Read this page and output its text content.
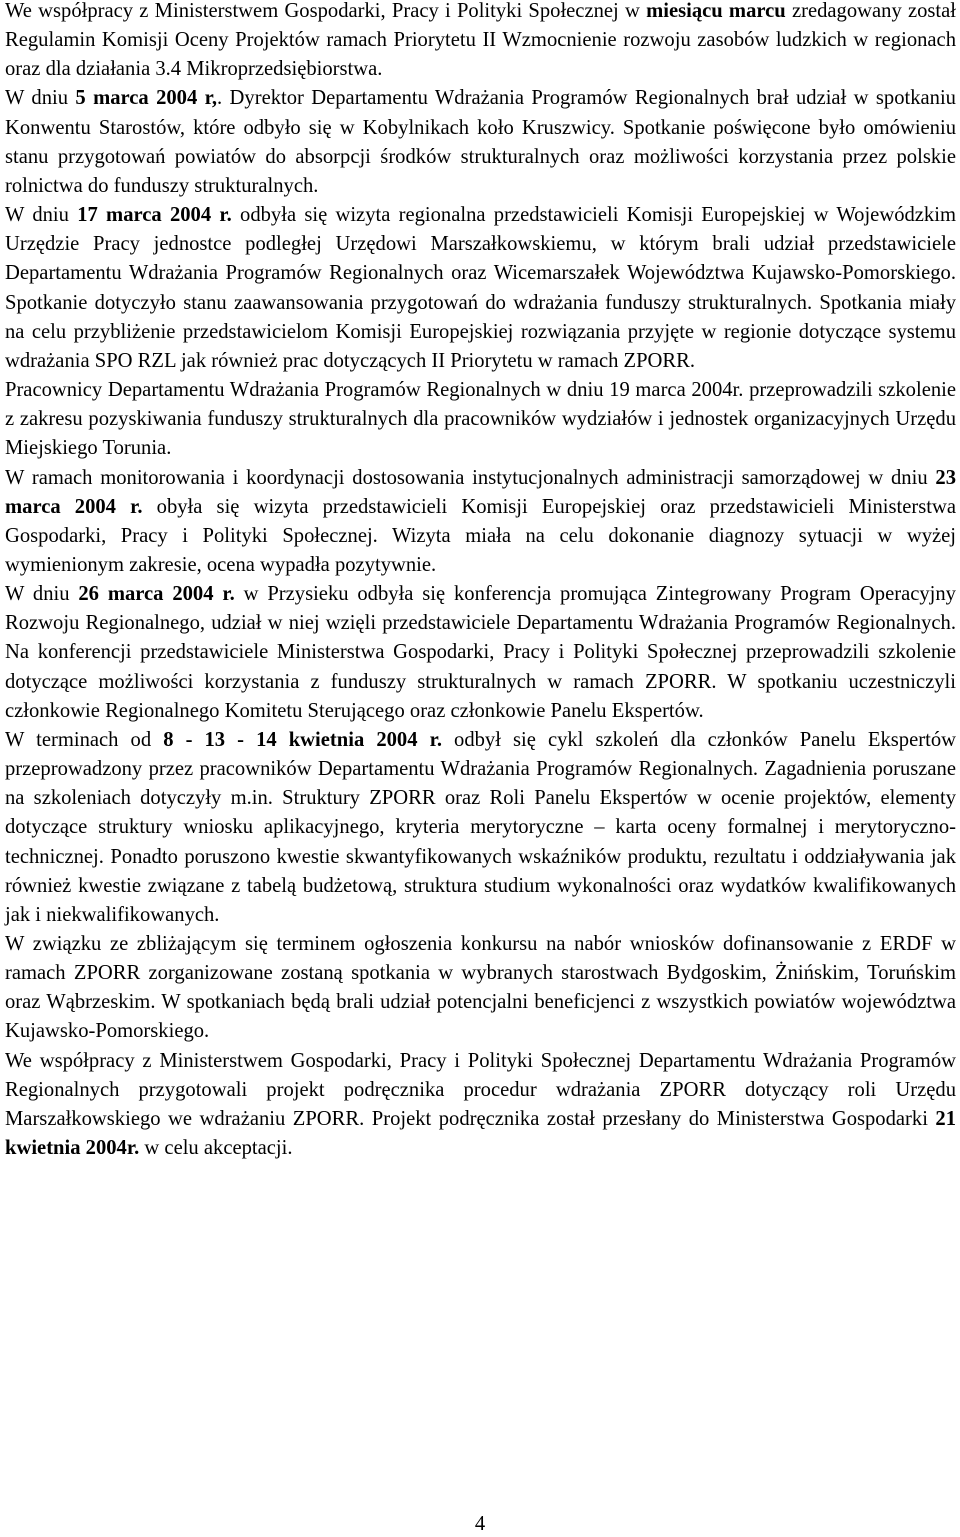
We współpracy z Ministerstwem Gospodarki, Pracy i Polityki Społecznej w miesiącu marcu zredagowany został Regulamin Komisji Oceny Projektów ramach Priorytetu II Wzmocnienie rozwoju zasobów ludzkich w regionach oraz dla działania 3.4 Mikroprzedsiębiorstwa.

W dniu 5 marca 2004 r,. Dyrektor Departamentu Wdrażania Programów Regionalnych brał udział w spotkaniu Konwentu Starostów, które odbyło się w Kobylnikach koło Kruszwicy. Spotkanie poświęcone było omówieniu stanu przygotowań powiatów do absorpcji środków strukturalnych oraz możliwości korzystania przez polskie rolnictwa do funduszy strukturalnych.

W dniu 17 marca 2004 r. odbyła się wizyta regionalna przedstawicieli Komisji Europejskiej w Wojewódzkim Urzędzie Pracy jednostce podległej Urzędowi Marszałkowskiemu, w którym brali udział przedstawiciele Departamentu Wdrażania Programów Regionalnych oraz Wicemarszałek Województwa Kujawsko-Pomorskiego. Spotkanie dotyczyło stanu zaawansowania przygotowań do wdrażania funduszy strukturalnych. Spotkania miały na celu przybliżenie przedstawicielom Komisji Europejskiej rozwiązania przyjęte w regionie dotyczące systemu wdrażania SPO RZL jak również prac dotyczących II Priorytetu w ramach ZPORR.

Pracownicy Departamentu Wdrażania Programów Regionalnych w dniu 19 marca 2004r. przeprowadzili szkolenie z zakresu pozyskiwania funduszy strukturalnych dla pracowników wydziałów i jednostek organizacyjnych Urzędu Miejskiego Torunia.

W ramach monitorowania i koordynacji dostosowania instytucjonalnych administracji samorządowej w dniu 23 marca 2004 r. obyła się wizyta przedstawicieli Komisji Europejskiej oraz przedstawicieli Ministerstwa Gospodarki, Pracy i Polityki Społecznej. Wizyta miała na celu dokonanie diagnozy sytuacji w wyżej wymienionym zakresie, ocena wypadła pozytywnie.

W dniu 26 marca 2004 r. w Przysieku odbyła się konferencja promująca Zintegrowany Program Operacyjny Rozwoju Regionalnego, udział w niej wzięli przedstawiciele Departamentu Wdrażania Programów Regionalnych. Na konferencji przedstawiciele Ministerstwa Gospodarki, Pracy i Polityki Społecznej przeprowadzili szkolenie dotyczące możliwości korzystania z funduszy strukturalnych w ramach ZPORR. W spotkaniu uczestniczyli członkowie Regionalnego Komitetu Sterującego oraz członkowie Panelu Ekspertów.

W terminach od 8 - 13 - 14 kwietnia 2004 r. odbył się cykl szkoleń dla członków Panelu Ekspertów przeprowadzony przez pracowników Departamentu Wdrażania Programów Regionalnych. Zagadnienia poruszane na szkoleniach dotyczyły m.in. Struktury ZPORR oraz Roli Panelu Ekspertów w ocenie projektów, elementy dotyczące struktury wniosku aplikacyjnego, kryteria merytoryczne – karta oceny formalnej i merytoryczno-technicznej. Ponadto poruszono kwestie skwantyfikowanych wskaźników produktu, rezultatu i oddziaływania jak również kwestie związane z tabelą budżetową, struktura studium wykonalności oraz wydatków kwalifikowanych jak i niekwalifikowanych.

W związku ze zbliżającym się terminem ogłoszenia konkursu na nabór wniosków dofinansowanie z ERDF w ramach ZPORR zorganizowane zostaną spotkania w wybranych starostwach Bydgoskim, Żnińskim, Toruńskim oraz Wąbrzeskim. W spotkaniach będą brali udział potencjalni beneficjenci z wszystkich powiatów województwa Kujawsko-Pomorskiego.

We współpracy z Ministerstwem Gospodarki, Pracy i Polityki Społecznej Departamentu Wdrażania Programów Regionalnych przygotowali projekt podręcznika procedur wdrażania ZPORR dotyczący roli Urzędu Marszałkowskiego we wdrażaniu ZPORR. Projekt podręcznika został przesłany do Ministerstwa Gospodarki 21 kwietnia 2004r. w celu akceptacji.

4
